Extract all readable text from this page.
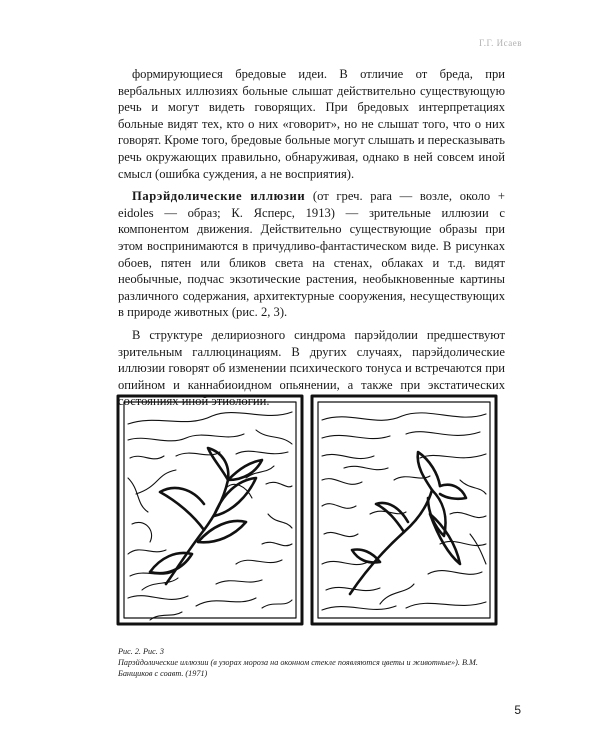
Г.Г. Исаев

формирующиеся бредовые идеи. В отличие от бреда, при вербальных иллюзиях больные слышат действительно существующую речь и могут видеть говорящих. При бредовых интерпретациях больные видят тех, кто о них «говорит», но не слышат того, что о них говорят. Кроме того, бредовые больные могут слышать и пересказывать речь окружающих правильно, обнаруживая, однако в ней совсем иной смысл (ошибка суждения, а не восприятия).

Парэйдолические иллюзии (от греч. para — возле, около + eidoles — образ; К. Ясперс, 1913) — зрительные иллюзии с компонентом движения. Действительно существующие образы при этом воспринимаются в причудливо-фантастическом виде. В рисунках обоев, пятен или бликов света на стенах, облаках и т.д. видят необычные, подчас экзотические растения, необыкновенные картины различного содержания, архитектурные сооружения, несуществующих в природе животных (рис. 2, 3).

В структуре делириозного синдрома парэйдолии предшествуют зрительным галлюцинациям. В других случаях, парэйдолические иллюзии говорят об изменении психического тонуса и встречаются при опийном и каннабиоидном опьянении, а также при экстатических состояниях иной этиологии.

Рис. 2. Рис. 3
Парэйдолические иллюзии (в узорах мороза на оконном стекле появляются цветы и животные»). В.М. Банщиков с соавт. (1971)
5
